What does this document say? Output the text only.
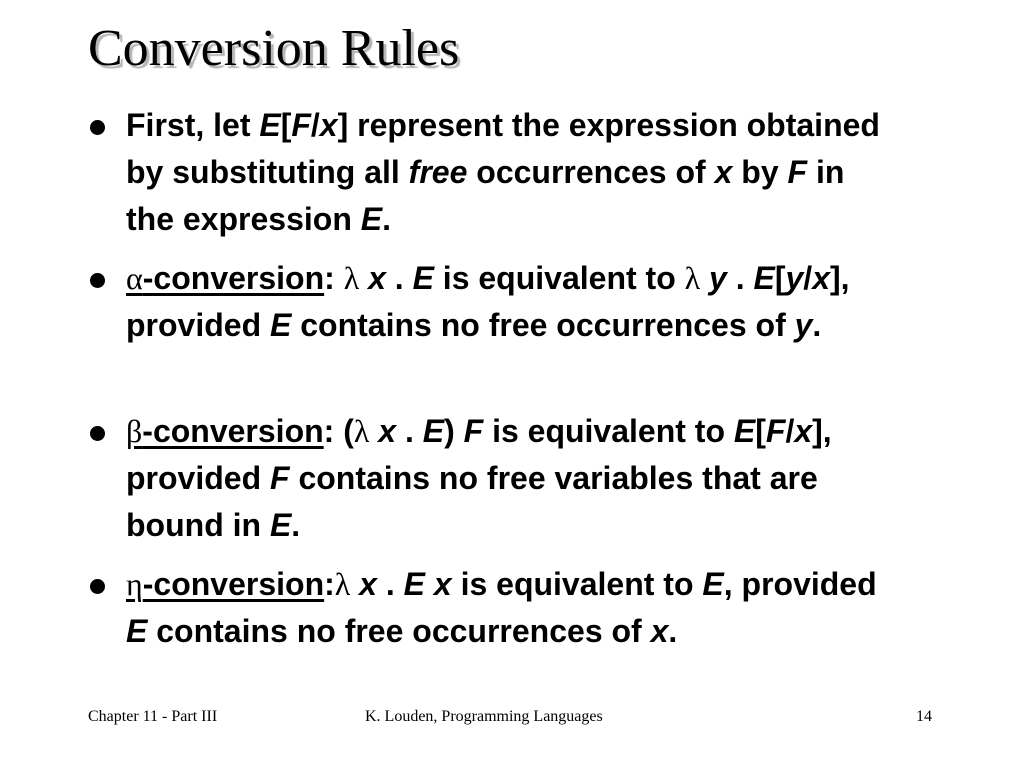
Conversion Rules
First, let E[F/x] represent the expression obtained by substituting all free occurrences of x by F in the expression E.
α-conversion: λ x . E is equivalent to λ y . E[y/x], provided E contains no free occurrences of y.
β-conversion: (λ x . E) F is equivalent to E[F/x], provided F contains no free variables that are bound in E.
η-conversion:λ x . E x is equivalent to E, provided E contains no free occurrences of x.
Chapter 11 - Part III	K. Louden, Programming Languages	14
